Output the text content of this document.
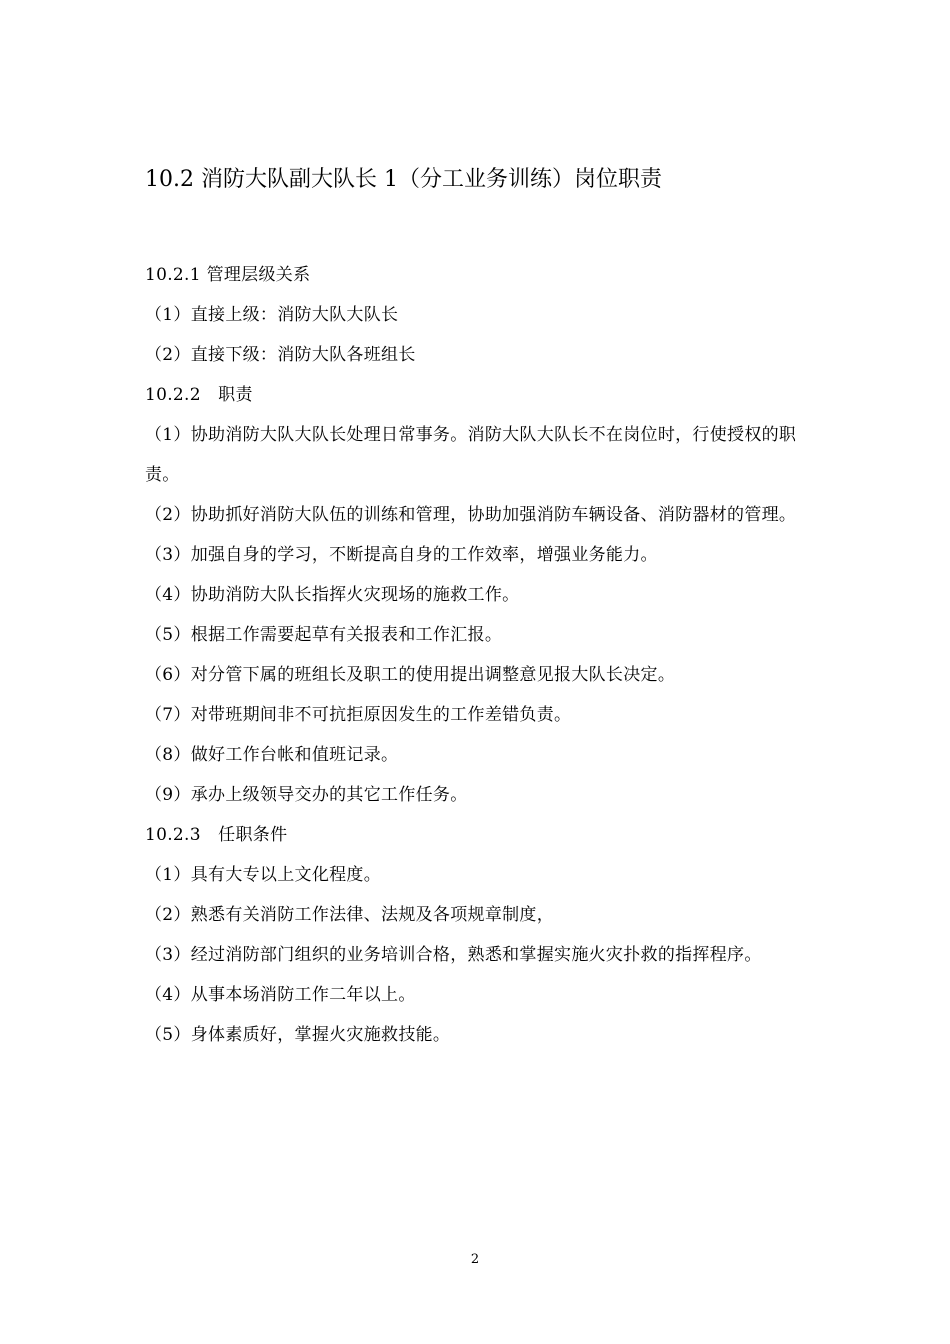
10.2 消防大队副大队长 1（分工业务训练）岗位职责
10.2.1 管理层级关系
（1）直接上级：消防大队大队长
（2）直接下级：消防大队各班组长
10.2.2　职责
（1）协助消防大队大队长处理日常事务。消防大队大队长不在岗位时，行使授权的职责。
（2）协助抓好消防大队伍的训练和管理，协助加强消防车辆设备、消防器材的管理。
（3）加强自身的学习，不断提高自身的工作效率，增强业务能力。
（4）协助消防大队长指挥火灾现场的施救工作。
（5）根据工作需要起草有关报表和工作汇报。
（6）对分管下属的班组长及职工的使用提出调整意见报大队长决定。
（7）对带班期间非不可抗拒原因发生的工作差错负责。
（8）做好工作台帐和值班记录。
（9）承办上级领导交办的其它工作任务。
10.2.3　任职条件
（1）具有大专以上文化程度。
（2）熟悉有关消防工作法律、法规及各项规章制度，
（3）经过消防部门组织的业务培训合格，熟悉和掌握实施火灾扑救的指挥程序。
（4）从事本场消防工作二年以上。
（5）身体素质好，掌握火灾施救技能。
2
